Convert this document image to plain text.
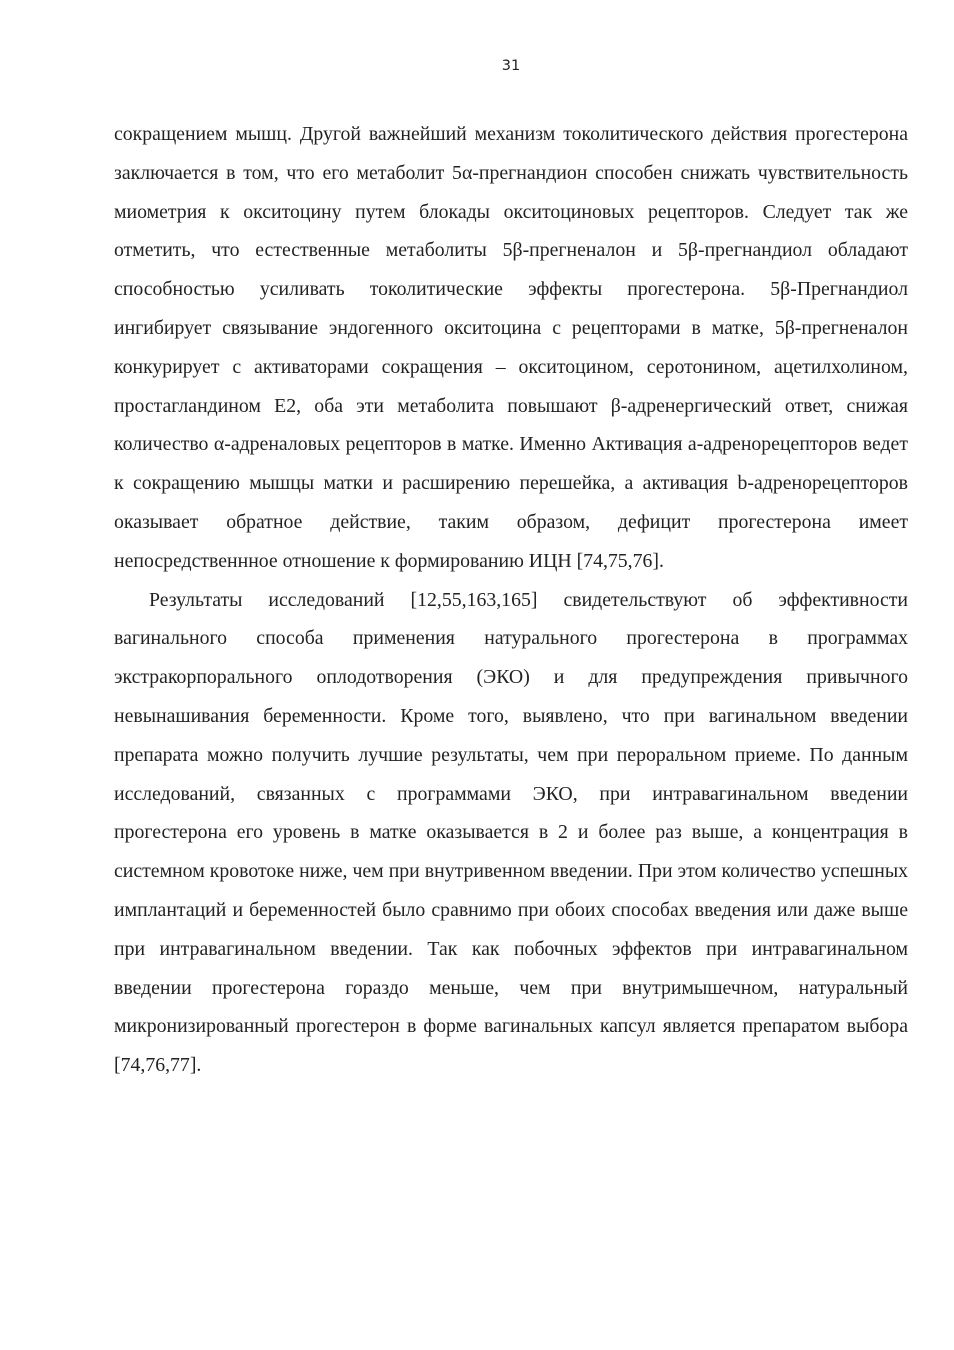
31

сокращением мышц. Другой важнейший механизм токолитического действия прогестерона заключается в том, что его метаболит 5α-прегнандион способен снижать чувствительность миометрия к окситоцину путем блокады окситоциновых рецепторов. Следует так же отметить, что естественные метаболиты 5β-прегненалон и 5β-прегнандиол обладают способностью усиливать токолитические эффекты прогестерона. 5β-Прегнандиол ингибирует связывание эндогенного окситоцина с рецепторами в матке, 5β-прегненалон конкурирует с активаторами сокращения – окситоцином, серотонином, ацетилхолином, простагландином E2, оба эти метаболита повышают β-адренергический ответ, снижая количество α-адреналовых рецепторов в матке. Именно Активация a-адренорецепторов ведет к сокращению мышцы матки и расширению перешейка, а активация b-адренорецепторов оказывает обратное действие, таким образом, дефицит прогестерона имеет непосредственнное отношение к формированию ИЦН [74,75,76].

Результаты исследований [12,55,163,165] свидетельствуют об эффективности вагинального способа применения натурального прогестерона в программах экстракорпорального оплодотворения (ЭКО) и для предупреждения привычного невынашивания беременности. Кроме того, выявлено, что при вагинальном введении препарата можно получить лучшие результаты, чем при пероральном приеме. По данным исследований, связанных с программами ЭКО, при интравагинальном введении прогестерона его уровень в матке оказывается в 2 и более раз выше, а концентрация в системном кровотоке ниже, чем при внутривенном введении. При этом количество успешных имплантаций и беременностей было сравнимо при обоих способах введения или даже выше при интравагинальном введении. Так как побочных эффектов при интравагинальном введении прогестерона гораздо меньше, чем при внутримышечном, натуральный микронизированный прогестерон в форме вагинальных капсул является препаратом выбора [74,76,77].
